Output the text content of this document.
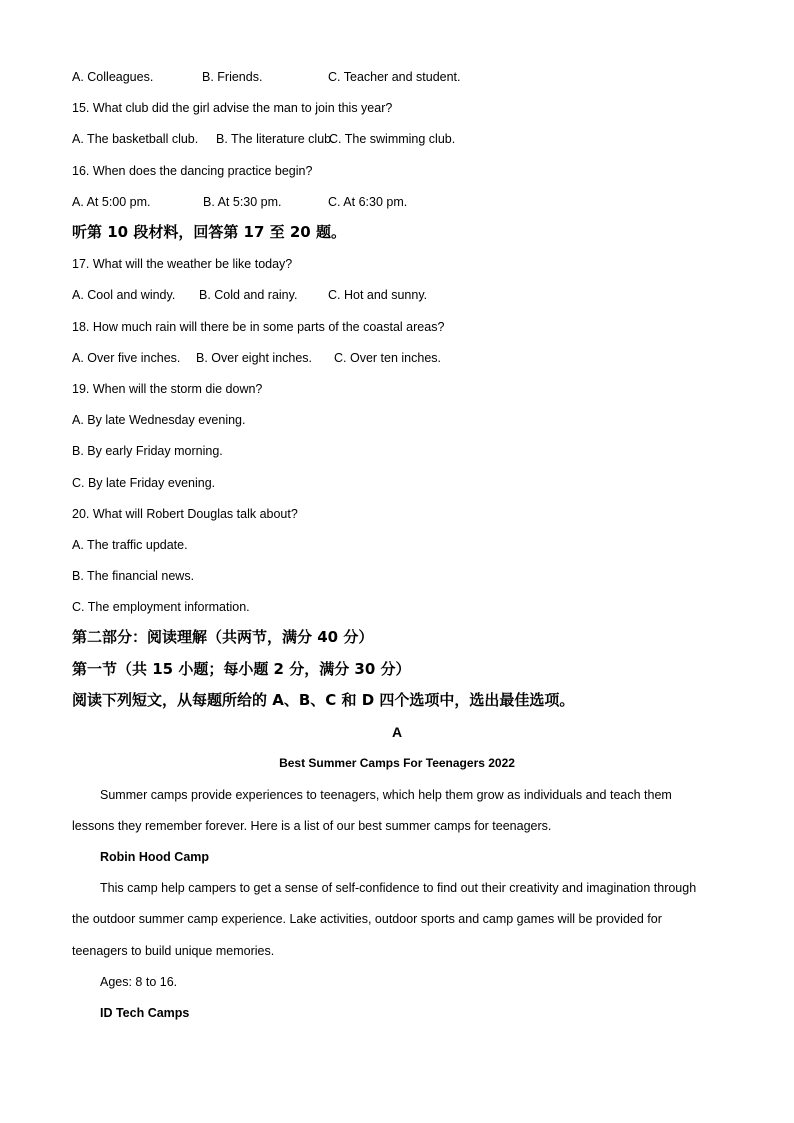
A. Colleagues.	B. Friends.	C. Teacher and student.
15. What club did the girl advise the man to join this year?
A. The basketball club. B. The literature club.C. The swimming club.
16. When does the dancing practice begin?
A. At 5:00 pm.	B. At 5:30 pm.	C. At 6:30 pm.
听第 10 段材料，回答第 17 至 20 题。
17. What will the weather be like today?
A. Cool and windy. B. Cold and rainy. C. Hot and sunny.
18. How much rain will there be in some parts of the coastal areas?
A. Over five inches. B. Over eight inches. C. Over ten inches.
19. When will the storm die down?
A. By late Wednesday evening.
B. By early Friday morning.
C. By late Friday evening.
20. What will Robert Douglas talk about?
A. The traffic update.
B. The financial news.
C. The employment information.
第二部分：阅读理解（共两节，满分 40 分）
第一节（共 15 小题；每小题 2 分，满分 30 分）
阅读下列短文，从每题所给的 A、B、C 和 D 四个选项中，选出最佳选项。
A
Best Summer Camps For Teenagers 2022
Summer camps provide experiences to teenagers, which help them grow as individuals and teach them
lessons they remember forever. Here is a list of our best summer camps for teenagers.
Robin Hood Camp
This camp help campers to get a sense of self-confidence to find out their creativity and imagination through
the outdoor summer camp experience. Lake activities, outdoor sports and camp games will be provided for
teenagers to build unique memories.
Ages: 8 to 16.
ID Tech Camps
